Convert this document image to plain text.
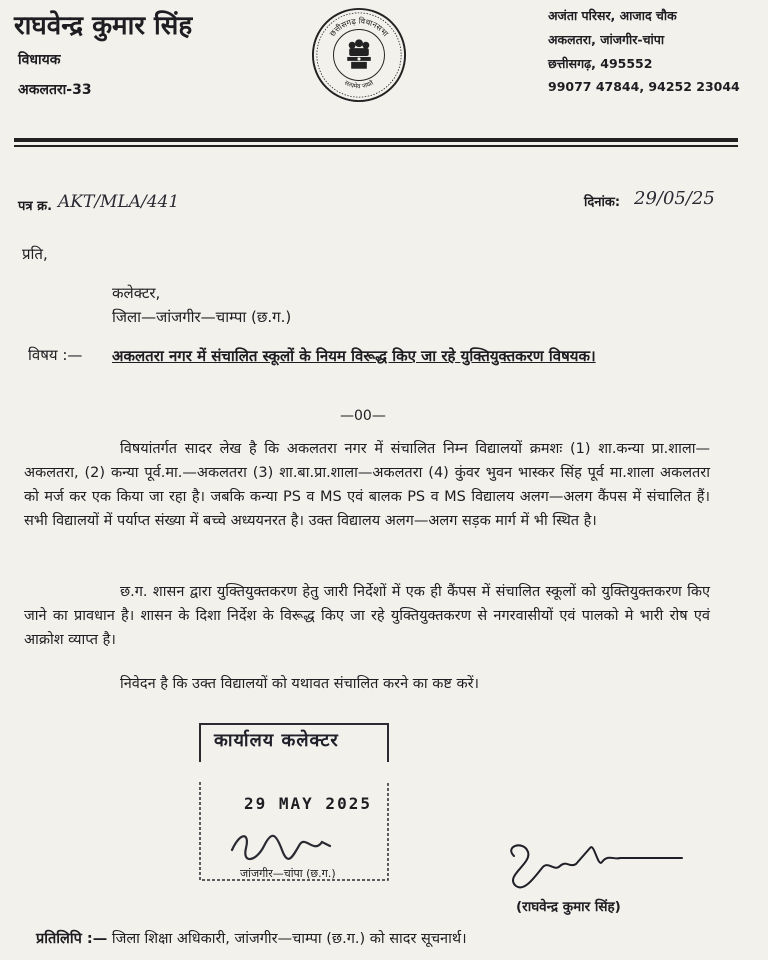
राघवेन्द्र कुमार सिंह
विधायक
अकलतरा-33
छत्तीसगढ़ विधानसभा
सत्यमेव जयते
अजंता परिसर, आजाद चौक
अकलतरा, जांजगीर-चांपा
छत्तीसगढ़, 495552
99077 47844, 94252 23044
पत्र क्र. AKT/MLA/441	दिनांक: 29/05/25
प्रति,
कलेक्टर,
जिला—जांजगीर—चाम्पा (छ.ग.)
विषय :— अकलतरा नगर में संचालित स्कूलों के नियम विरूद्ध किए जा रहे युक्तियुक्तकरण विषयक।
—00—
विषयांतर्गत सादर लेख है कि अकलतरा नगर में संचालित निम्न विद्यालयों क्रमशः (1) शा.कन्या प्रा.शाला—अकलतरा, (2) कन्या पूर्व.मा.—अकलतरा (3) शा.बा.प्रा.शाला—अकलतरा (4) कुंवर भुवन भास्कर सिंह पूर्व मा.शाला अकलतरा को मर्ज कर एक किया जा रहा है। जबकि कन्या PS व MS एवं बालक PS व MS विद्यालय अलग—अलग कैंपस में संचालित हैं। सभी विद्यालयों में पर्याप्त संख्या में बच्चे अध्ययनरत है। उक्त विद्यालय अलग—अलग सड़क मार्ग में भी स्थित है।
छ.ग. शासन द्वारा युक्तियुक्तकरण हेतु जारी निर्देशों में एक ही कैंपस में संचालित स्कूलों को युक्तियुक्तकरण किए जाने का प्रावधान है। शासन के दिशा निर्देश के विरूद्ध किए जा रहे युक्तियुक्तकरण से नगरवासीयों एवं पालको मे भारी रोष एवं आक्रोश व्याप्त है।
निवेदन है कि उक्त विद्यालयों को यथावत संचालित करने का कष्ट करें।
कार्यालय कलेक्टर
29 MAY 2025
जांजगीर—चांपा (छ.ग.)
(राघवेन्द्र कुमार सिंह)
प्रतिलिपि :— जिला शिक्षा अधिकारी, जांजगीर—चाम्पा (छ.ग.) को सादर सूचनार्थ।
